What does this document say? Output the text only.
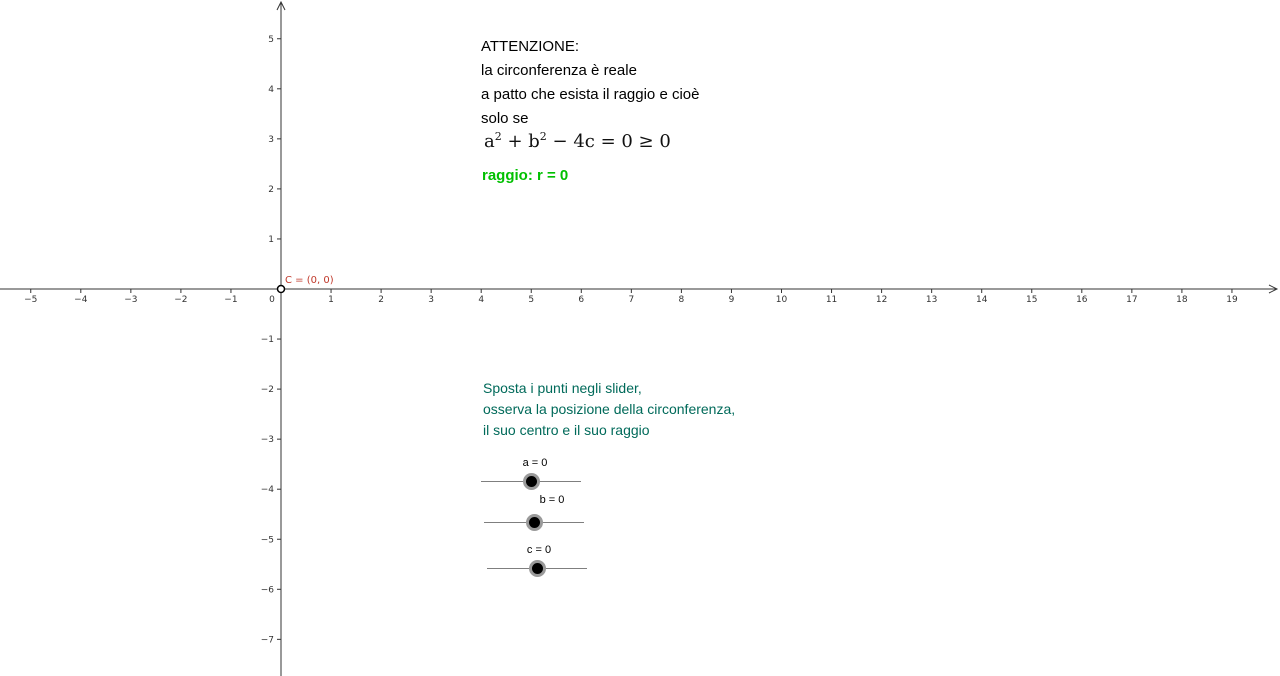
−5	−4	−3	−2	−1	0	1	2	3	4	5	6	7	8	9	10	11	12	13	14	15	16	17	18	19
5
4
3
2
1
−1
−2
−3
−4
−5
−6
−7
C = (0, 0)
ATTENZIONE:
la circonferenza è reale
a patto che esista il raggio e cioè
solo se
$a^2 + b^2 - 4c = 0 \ge 0$
raggio: r = 0
Sposta i punti negli slider,
osserva la posizione della circonferenza,
il suo centro e il suo raggio
a = 0
b = 0
c = 0
